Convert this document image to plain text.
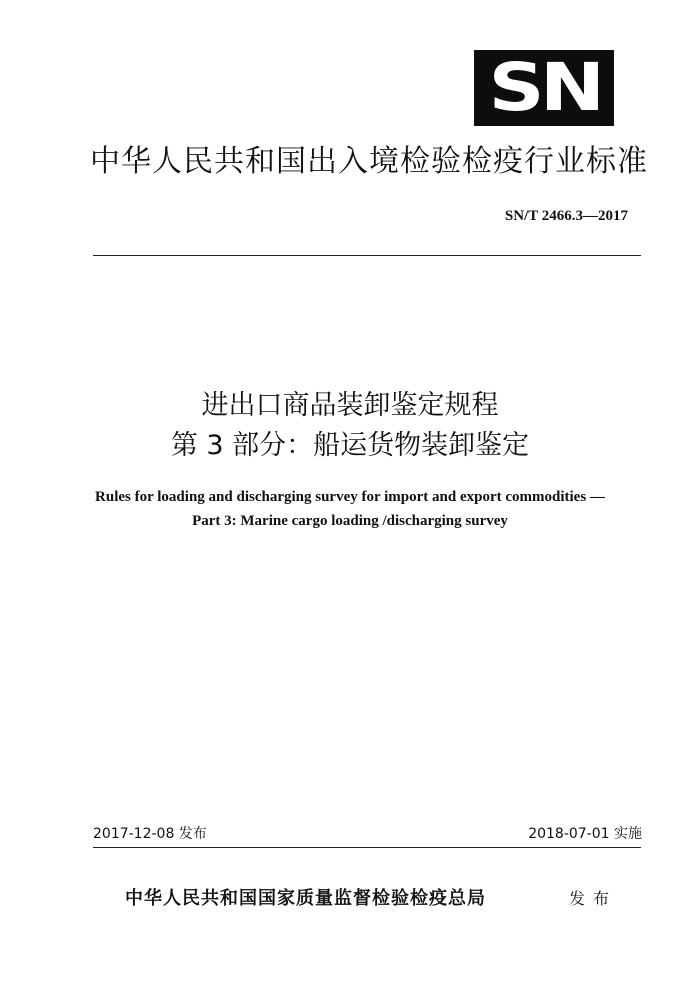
SN
中华人民共和国出入境检验检疫行业标准
SN/T 2466.3—2017
进出口商品装卸鉴定规程
第 3 部分：船运货物装卸鉴定
Rules for loading and discharging survey for import and export commodities —
Part 3: Marine cargo loading /discharging survey
2017-12-08 发布	2018-07-01 实施
中华人民共和国国家质量监督检验检疫总局	发布
